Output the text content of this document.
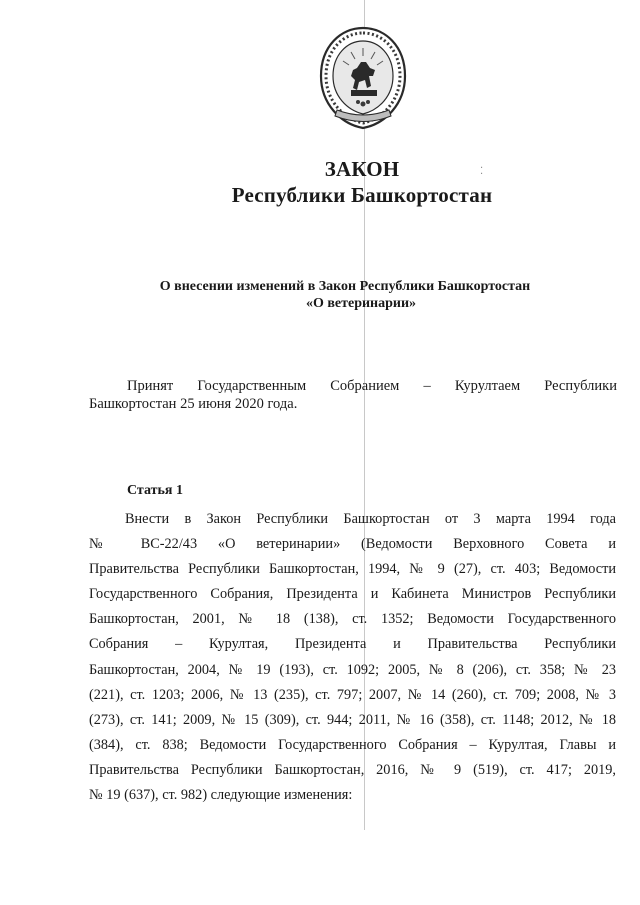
⁚
ЗАКОН
Республики Башкортостан
О внесении изменений в Закон Республики Башкортостан
«О ветеринарии»
Принят Государственным Собранием – Курултаем Республики
Башкортостан 25 июня 2020 года.
Статья 1
Внести в Закон Республики Башкортостан от 3 марта 1994 года
№ ВС-22/43 «О ветеринарии» (Ведомости Верховного Совета и
Правительства Республики Башкортостан, 1994, № 9 (27), ст. 403; Ведомости
Государственного Собрания, Президента и Кабинета Министров Республики
Башкортостан, 2001, № 18 (138), ст. 1352; Ведомости Государственного
Собрания – Курултая, Президента и Правительства Республики
Башкортостан, 2004, № 19 (193), ст. 1092; 2005, № 8 (206), ст. 358; № 23
(221), ст. 1203; 2006, № 13 (235), ст. 797; 2007, № 14 (260), ст. 709; 2008, № 3
(273), ст. 141; 2009, № 15 (309), ст. 944; 2011, № 16 (358), ст. 1148; 2012, № 18
(384), ст. 838; Ведомости Государственного Собрания – Курултая, Главы и
Правительства Республики Башкортостан, 2016, № 9 (519), ст. 417; 2019,
№ 19 (637), ст. 982) следующие изменения:
